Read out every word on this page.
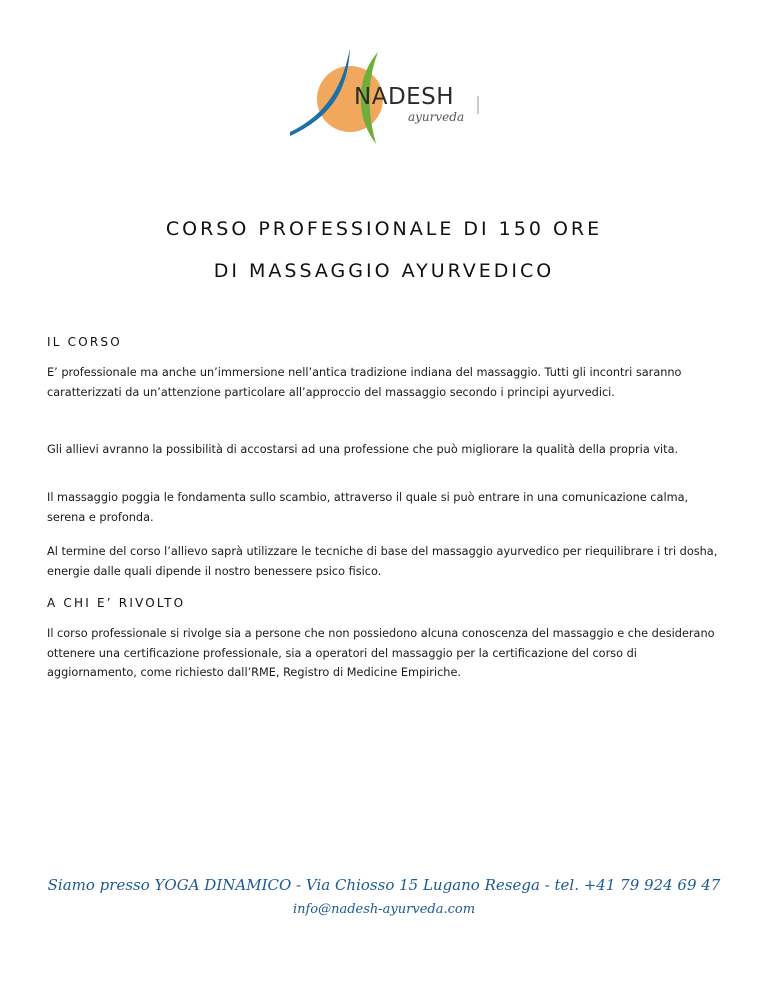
NADESH
ayurveda
CORSO PROFESSIONALE DI 150 ORE
DI MASSAGGIO AYURVEDICO
IL CORSO
E’ professionale ma anche un’immersione nell’antica tradizione indiana del massaggio. Tutti gli incontri saranno caratterizzati da un’attenzione particolare all’approccio del massaggio secondo i principi ayurvedici.
Gli allievi avranno la possibilità di accostarsi ad una professione che può migliorare la qualità della propria vita.
Il massaggio poggia le fondamenta sullo scambio, attraverso il quale si può entrare in una comunicazione calma, serena e profonda.
Al termine del corso l’allievo saprà utilizzare le tecniche di base del massaggio ayurvedico per riequilibrare i tri dosha, energie dalle quali dipende il nostro benessere psico fisico.
A CHI E’ RIVOLTO
Il corso professionale si rivolge sia a persone che non possiedono alcuna conoscenza del massaggio e che desiderano ottenere una certificazione professionale, sia a operatori del massaggio per la certificazione del corso di aggiornamento, come richiesto dall’RME, Registro di Medicine Empiriche.
Siamo presso YOGA DINAMICO - Via Chiosso 15 Lugano Resega - tel. +41 79 924 69 47
info@nadesh-ayurveda.com
